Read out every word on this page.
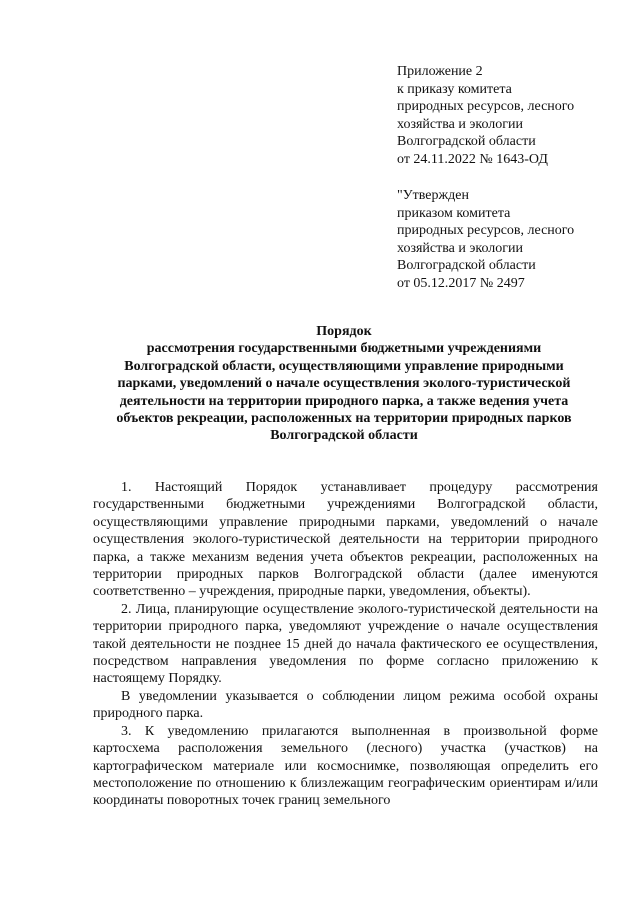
Приложение 2
к приказу комитета
природных ресурсов, лесного
хозяйства и экологии
Волгоградской области
от 24.11.2022 № 1643-ОД
"Утвержден
приказом комитета
природных ресурсов, лесного
хозяйства и экологии
Волгоградской области
от 05.12.2017 № 2497
Порядок
рассмотрения государственными бюджетными учреждениями
Волгоградской области, осуществляющими управление природными
парками, уведомлений о начале осуществления эколого-туристической
деятельности на территории природного парка, а также ведения учета
объектов рекреации, расположенных на территории природных парков
Волгоградской области

1. Настоящий Порядок устанавливает процедуру рассмотрения государственными бюджетными учреждениями Волгоградской области, осуществляющими управление природными парками, уведомлений о начале осуществления эколого-туристической деятельности на территории природного парка, а также механизм ведения учета объектов рекреации, расположенных на территории природных парков Волгоградской области (далее именуются соответственно – учреждения, природные парки, уведомления, объекты).

2. Лица, планирующие осуществление эколого-туристической деятельности на территории природного парка, уведомляют учреждение о начале осуществления такой деятельности не позднее 15 дней до начала фактического ее осуществления, посредством направления уведомления по форме согласно приложению к настоящему Порядку.

В уведомлении указывается о соблюдении лицом режима особой охраны природного парка.

3. К уведомлению прилагаются выполненная в произвольной форме картосхема расположения земельного (лесного) участка (участков) на картографическом материале или космоснимке, позволяющая определить его местоположение по отношению к близлежащим географическим ориентирам и/или координаты поворотных точек границ земельного
